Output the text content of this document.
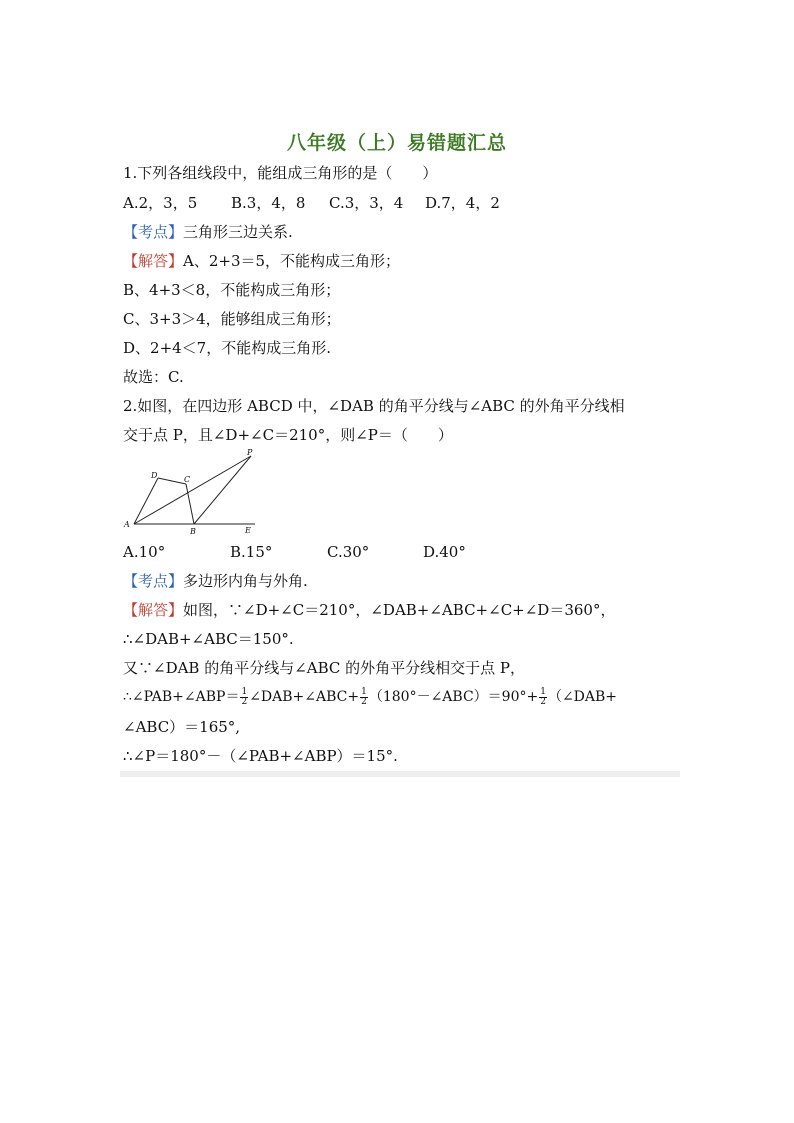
八年级（上）易错题汇总
1.下列各组线段中，能组成三角形的是（　　）
A.2，3，5 B.3，4，8 C.3，3，4 D.7，4，2
【考点】三角形三边关系.
【解答】A、2+3＝5，不能构成三角形；
B、4+3＜8，不能构成三角形；
C、3+3＞4，能够组成三角形；
D、2+4＜7，不能构成三角形.
故选：C.
2.如图，在四边形 ABCD 中，∠DAB 的角平分线与∠ABC 的外角平分线相
交于点 P，且∠D+∠C＝210°，则∠P＝（　　）
D	C
P
A
B	E
A.10°	B.15°	C.30°	D.40°
【考点】多边形内角与外角.
【解答】如图，∵∠D+∠C＝210°，∠DAB+∠ABC+∠C+∠D＝360°，
∴∠DAB+∠ABC＝150°.
又∵∠DAB 的角平分线与∠ABC 的外角平分线相交于点 P，
∴∠PAB+∠ABP＝ $\frac{1}{2}$ ∠DAB+∠ABC+ $\frac{1}{2}$ （180°－∠ABC）＝90°+ $\frac{1}{2}$ （∠DAB+
∠ABC）＝165°,
∴∠P＝180°－（∠PAB+∠ABP）＝15°.
